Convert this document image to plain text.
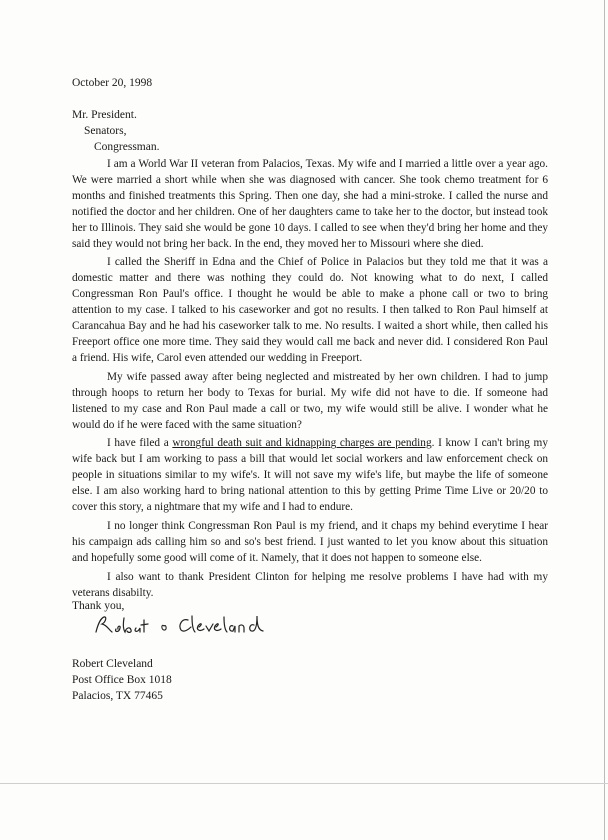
October 20, 1998
Mr. President.
Senators,
Congressman.

I am a World War II veteran from Palacios, Texas. My wife and I married a little over a year ago. We were married a short while when she was diagnosed with cancer. She took chemo treatment for 6 months and finished treatments this Spring. Then one day, she had a mini-stroke. I called the nurse and notified the doctor and her children. One of her daughters came to take her to the doctor, but instead took her to Illinois. They said she would be gone 10 days. I called to see when they'd bring her home and they said they would not bring her back. In the end, they moved her to Missouri where she died.

I called the Sheriff in Edna and the Chief of Police in Palacios but they told me that it was a domestic matter and there was nothing they could do. Not knowing what to do next, I called Congressman Ron Paul's office. I thought he would be able to make a phone call or two to bring attention to my case. I talked to his caseworker and got no results. I then talked to Ron Paul himself at Carancahua Bay and he had his caseworker talk to me. No results. I waited a short while, then called his Freeport office one more time. They said they would call me back and never did. I considered Ron Paul a friend. His wife, Carol even attended our wedding in Freeport.

My wife passed away after being neglected and mistreated by her own children. I had to jump through hoops to return her body to Texas for burial. My wife did not have to die. If someone had listened to my case and Ron Paul made a call or two, my wife would still be alive. I wonder what he would do if he were faced with the same situation?

I have filed a wrongful death suit and kidnapping charges are pending. I know I can't bring my wife back but I am working to pass a bill that would let social workers and law enforcement check on people in situations similar to my wife's. It will not save my wife's life, but maybe the life of someone else. I am also working hard to bring national attention to this by getting Prime Time Live or 20/20 to cover this story, a nightmare that my wife and I had to endure.

I no longer think Congressman Ron Paul is my friend, and it chaps my behind everytime I hear his campaign ads calling him so and so's best friend. I just wanted to let you know about this situation and hopefully some good will come of it. Namely, that it does not happen to someone else.

I also want to thank President Clinton for helping me resolve problems I have had with my veterans disabilty.

Thank you,
Robert Cleveland
Post Office Box 1018
Palacios, TX 77465
